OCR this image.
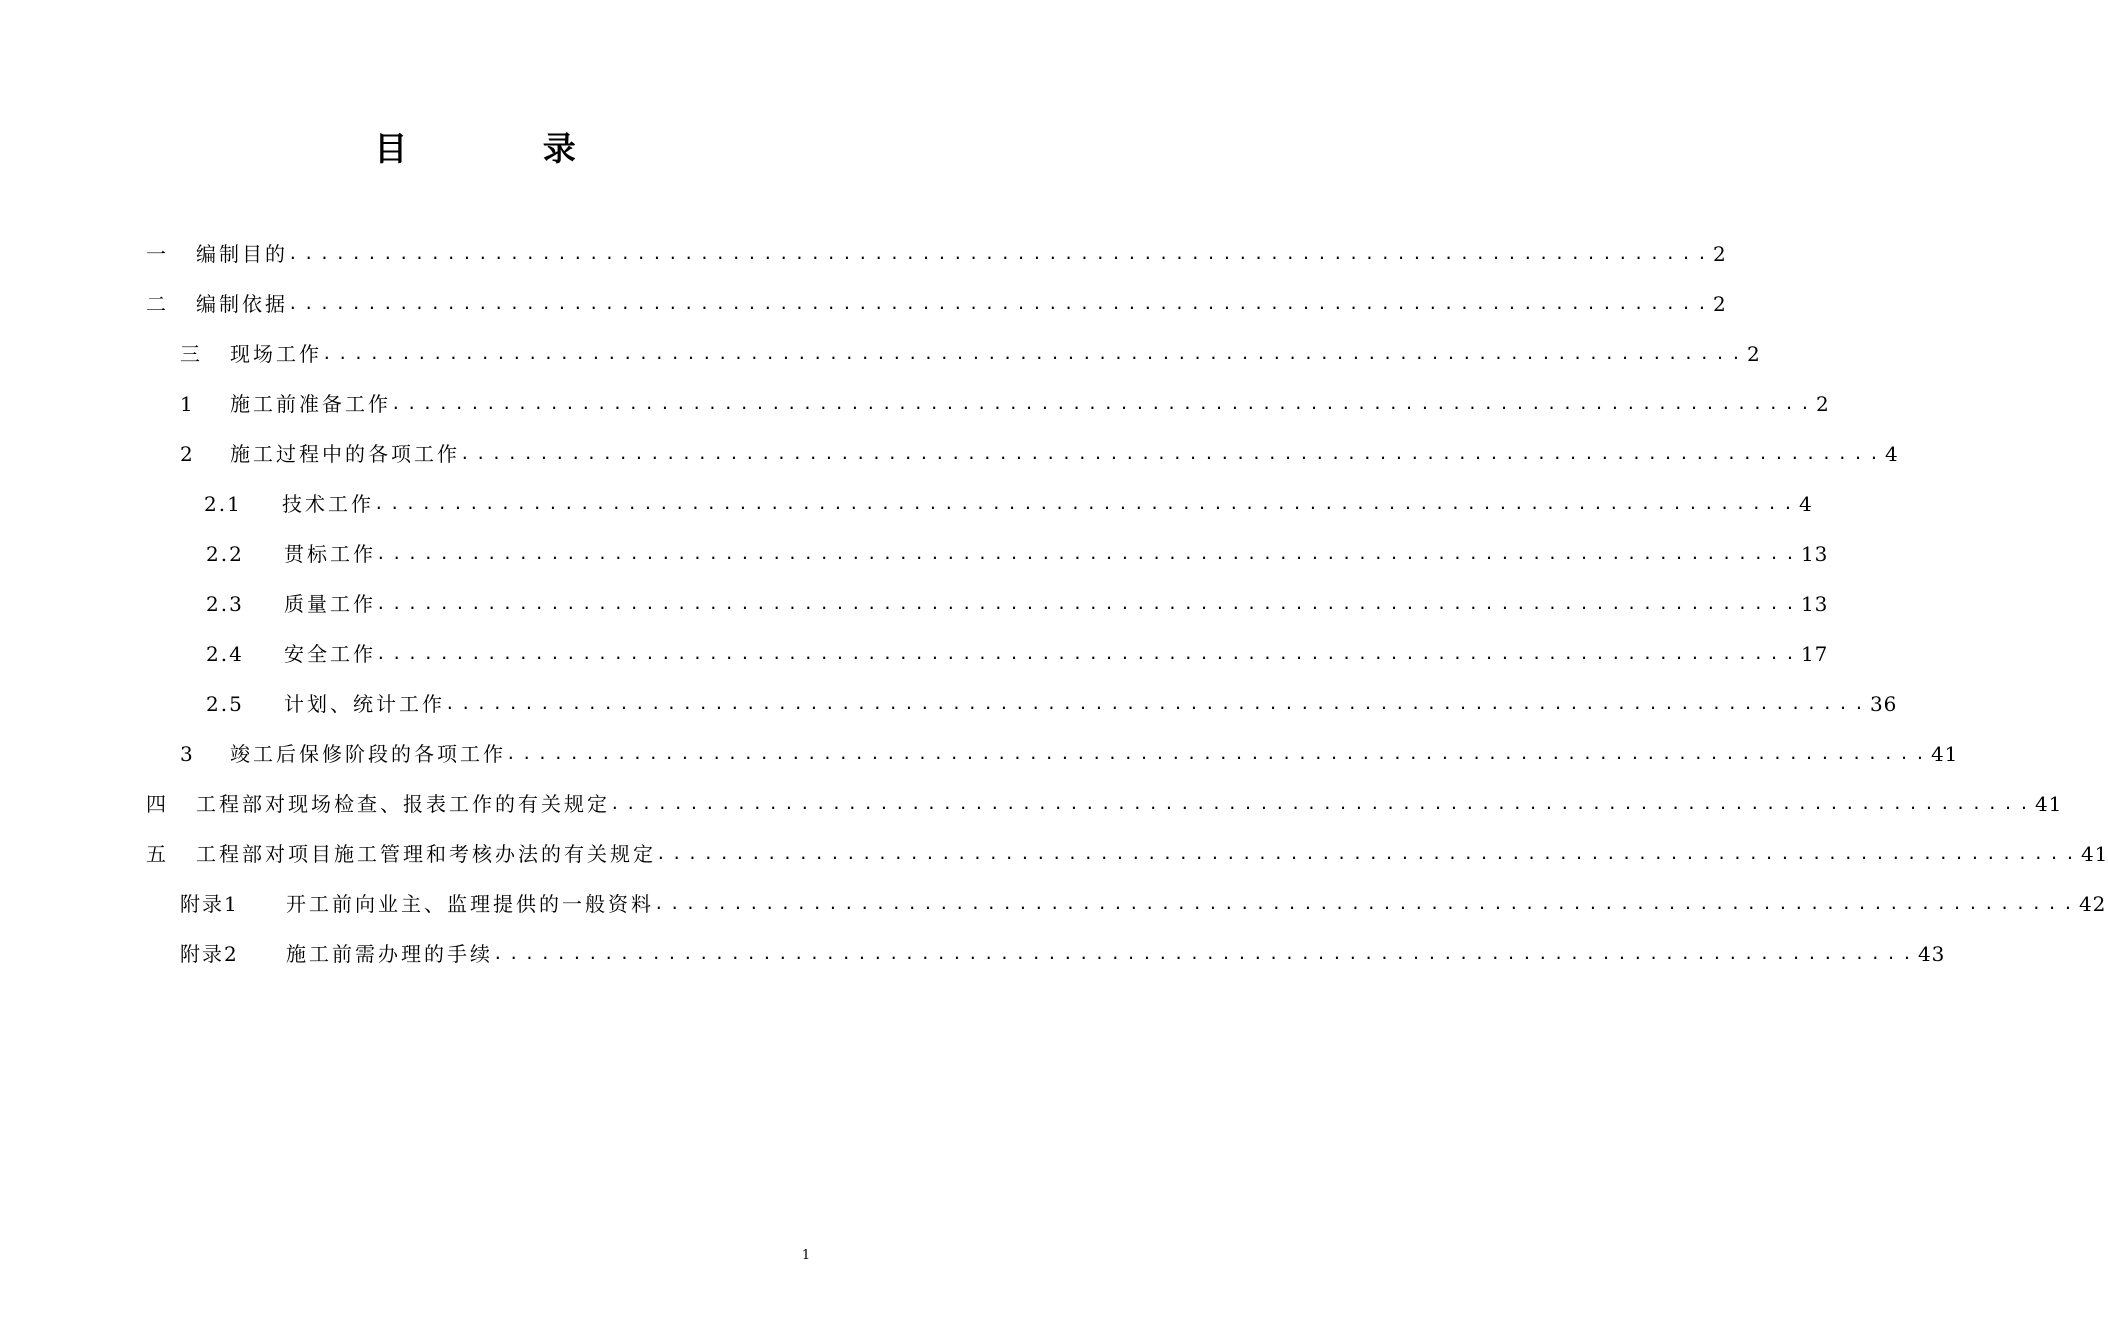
目 录
一	编制目的 .......................................................................................... 2
二	编制依据 .......................................................................................... 2
三	现场工作 .......................................................................................... 2
1	施工前准备工作 .......................................................................................... 2
2	施工过程中的各项工作 .......................................................................................... 4
2.1	技术工作 .......................................................................................... 4
2.2	贯标工作 .......................................................................................... 13
2.3	质量工作 .......................................................................................... 13
2.4	安全工作 .......................................................................................... 17
2.5	计划、统计工作 .......................................................................................... 36
3	竣工后保修阶段的各项工作 .......................................................................................... 41
四	工程部对现场检查、报表工作的有关规定 .......................................................................................... 41
五	工程部对项目施工管理和考核办法的有关规定 .......................................................................................... 41
附录1	开工前向业主、监理提供的一般资料 .......................................................................................... 42
附录2	施工前需办理的手续 .......................................................................................... 43
1
